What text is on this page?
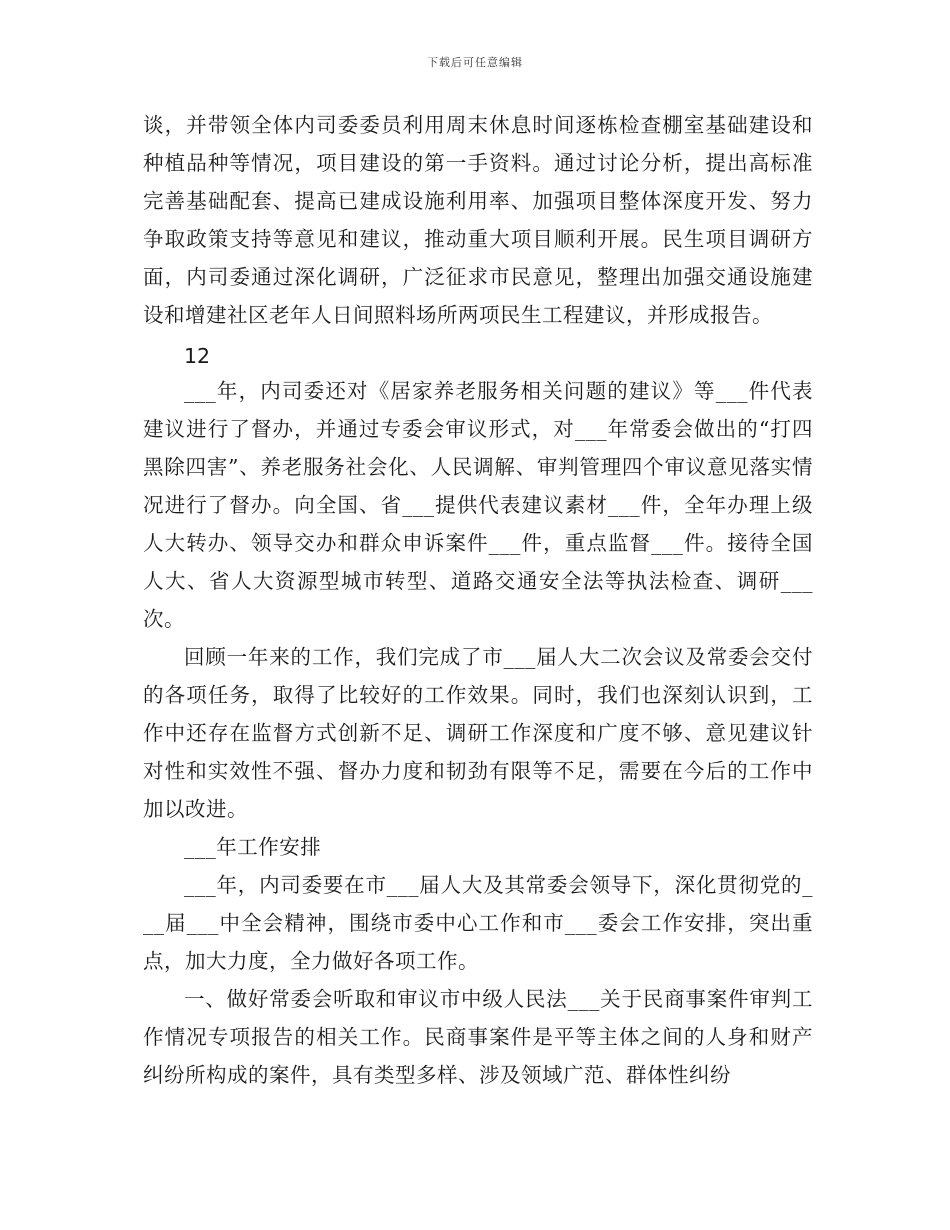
下载后可任意编辑

谈，并带领全体内司委委员利用周末休息时间逐栋检查棚室基础建设和种植品种等情况，项目建设的第一手资料。通过讨论分析，提出高标准完善基础配套、提高已建成设施利用率、加强项目整体深度开发、努力争取政策支持等意见和建议，推动重大项目顺利开展。民生项目调研方面，内司委通过深化调研，广泛征求市民意见，整理出加强交通设施建设和增建社区老年人日间照料场所两项民生工程建议，并形成报告。

12

___年，内司委还对《居家养老服务相关问题的建议》等___件代表建议进行了督办，并通过专委会审议形式，对___年常委会做出的“打四黑除四害”、养老服务社会化、人民调解、审判管理四个审议意见落实情况进行了督办。向全国、省___提供代表建议素材___件，全年办理上级人大转办、领导交办和群众申诉案件___件，重点监督___件。接待全国人大、省人大资源型城市转型、道路交通安全法等执法检查、调研___次。

回顾一年来的工作，我们完成了市___届人大二次会议及常委会交付的各项任务，取得了比较好的工作效果。同时，我们也深刻认识到，工作中还存在监督方式创新不足、调研工作深度和广度不够、意见建议针对性和实效性不强、督办力度和韧劲有限等不足，需要在今后的工作中加以改进。

___年工作安排

___年，内司委要在市___届人大及其常委会领导下，深化贯彻党的___届___中全会精神，围绕市委中心工作和市___委会工作安排，突出重点，加大力度，全力做好各项工作。

一、做好常委会听取和审议市中级人民法___关于民商事案件审判工作情况专项报告的相关工作。民商事案件是平等主体之间的人身和财产纠纷所构成的案件，具有类型多样、涉及领域广范、群体性纠纷
